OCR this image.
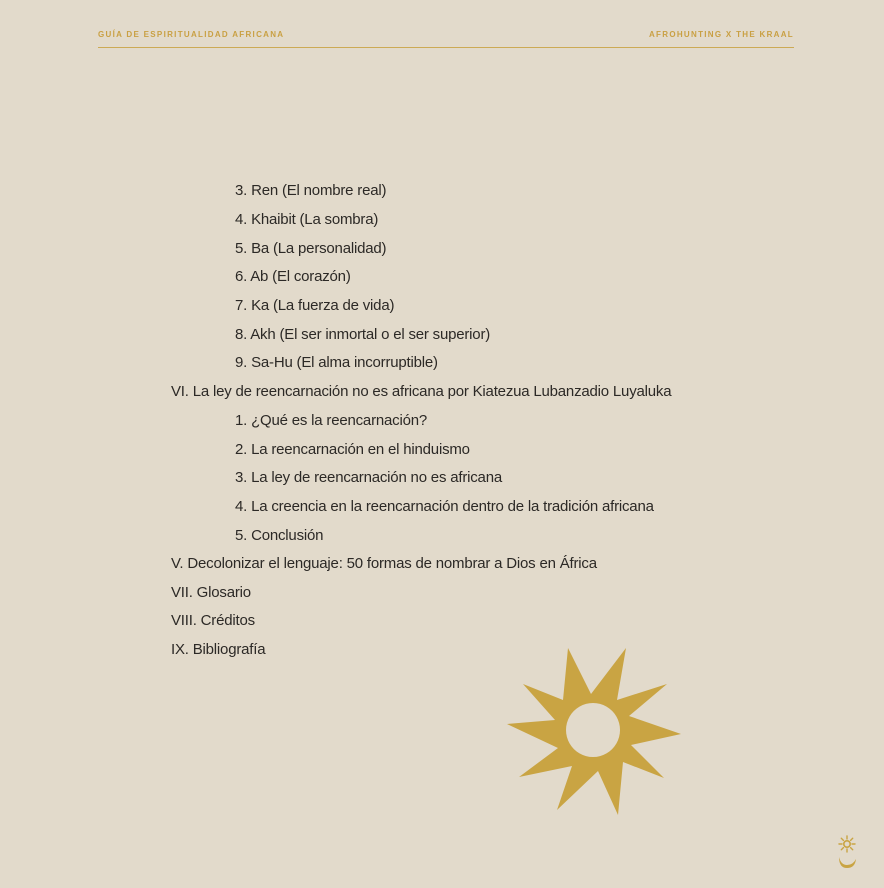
GUÍA DE ESPIRITUALIDAD AFRICANA	AFROHUNTING X THE KRAAL
3. Ren (El nombre real)
4. Khaibit (La sombra)
5. Ba (La personalidad)
6. Ab (El corazón)
7. Ka (La fuerza de vida)
8. Akh (El ser inmortal o el ser superior)
9. Sa-Hu (El alma incorruptible)
VI. La ley de reencarnación no es africana por Kiatezua Lubanzadio Luyaluka
1. ¿Qué es la reencarnación?
2. La reencarnación en el hinduismo
3. La ley de reencarnación no es africana
4. La creencia en la reencarnación dentro de la tradición africana
5. Conclusión
V. Decolonizar el lenguaje: 50 formas de nombrar a Dios en África
VII. Glosario
VIII. Créditos
IX. Bibliografía
